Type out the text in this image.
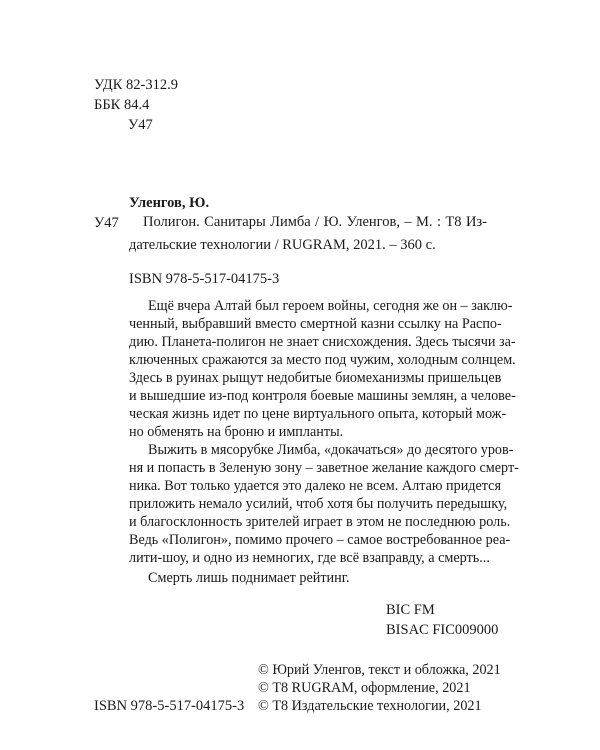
УДК 82-312.9
ББК 84.4
У47
Уленгов, Ю.
У47 Полигон. Санитары Лимба / Ю. Уленгов, – М. : Т8 Из-
дательские технологии / RUGRAM, 2021. – 360 с.
ISBN 978-5-517-04175-3
Ещё вчера Алтай был героем войны, сегодня же он – заклю-
ченный, выбравший вместо смертной казни ссылку на Распо-
дию. Планета-полигон не знает снисхождения. Здесь тысячи за-
ключенных сражаются за место под чужим, холодным солнцем.
Здесь в руинах рыщут недобитые биомеханизмы пришельцев
и вышедшие из-под контроля боевые машины землян, а челове-
ческая жизнь идет по цене виртуального опыта, который мож-
но обменять на броню и импланты.
Выжить в мясорубке Лимба, «докачаться» до десятого уров-
ня и попасть в Зеленую зону – заветное желание каждого смерт-
ника. Вот только удается это далеко не всем. Алтаю придется
приложить немало усилий, чтоб хотя бы получить передышку,
и благосклонность зрителей играет в этом не последнюю роль.
Ведь «Полигон», помимо прочего – самое востребованное реа-
лити-шоу, и одно из немногих, где всё взаправду, а смерть...
Смерть лишь поднимает рейтинг.
BIC FM
BISAC FIC009000
ISBN 978-5-517-04175-3
© Юрий Уленгов, текст и обложка, 2021
© Т8 RUGRAM, оформление, 2021
© Т8 Издательские технологии, 2021
